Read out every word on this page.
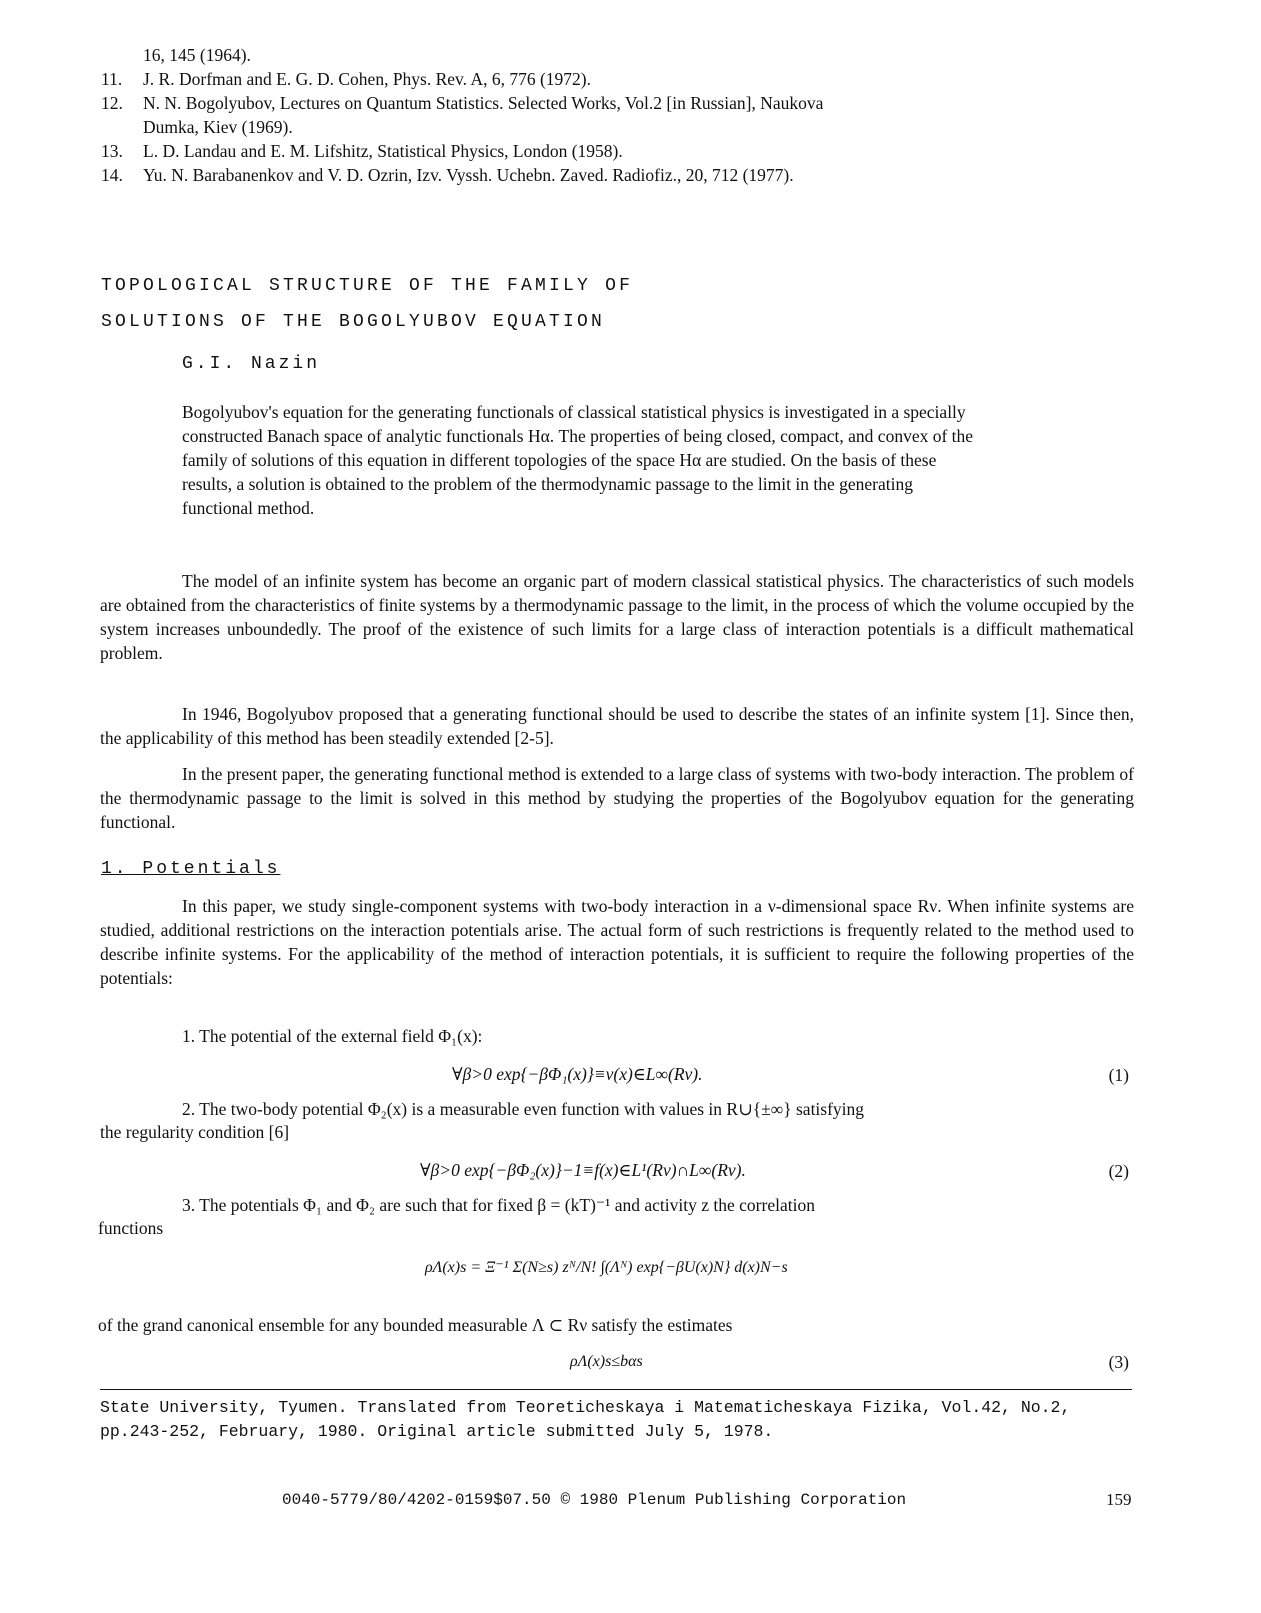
16, 145 (1964).
11. J. R. Dorfman and E. G. D. Cohen, Phys. Rev. A, 6, 776 (1972).
12. N. N. Bogolyubov, Lectures on Quantum Statistics. Selected Works, Vol.2 [in Russian], Naukova
Dumka, Kiev (1969).
13. L. D. Landau and E. M. Lifshitz, Statistical Physics, London (1958).
14. Yu. N. Barabanenkov and V. D. Ozrin, Izv. Vyssh. Uchebn. Zaved. Radiofiz., 20, 712 (1977).
TOPOLOGICAL STRUCTURE OF THE FAMILY OF
SOLUTIONS OF THE BOGOLYUBOV EQUATION
G.I. Nazin
Bogolyubov's equation for the generating functionals of classical statistical physics is investigated in a specially constructed Banach space of analytic functionals Hα. The properties of being closed, compact, and convex of the family of solutions of this equation in different topologies of the space Hα are studied. On the basis of these results, a solution is obtained to the problem of the thermodynamic passage to the limit in the generating functional method.
The model of an infinite system has become an organic part of modern classical statistical physics. The characteristics of such models are obtained from the characteristics of finite systems by a thermodynamic passage to the limit, in the process of which the volume occupied by the system increases unboundedly. The proof of the existence of such limits for a large class of interaction potentials is a difficult mathematical problem.
In 1946, Bogolyubov proposed that a generating functional should be used to describe the states of an infinite system [1]. Since then, the applicability of this method has been steadily extended [2-5].
In the present paper, the generating functional method is extended to a large class of systems with two-body interaction. The problem of the thermodynamic passage to the limit is solved in this method by studying the properties of the Bogolyubov equation for the generating functional.
1. Potentials
In this paper, we study single-component systems with two-body interaction in a ν-dimensional space Rν. When infinite systems are studied, additional restrictions on the interaction potentials arise. The actual form of such restrictions is frequently related to the method used to describe infinite systems. For the applicability of the method of interaction potentials, it is sufficient to require the following properties of the potentials:
1. The potential of the external field Φ₁(x):
∀β>0 exp{−βΦ₁(x)}≡v(x)∈L∞(Rν).	(1)
2. The two-body potential Φ₂(x) is a measurable even function with values in R∪{±∞} satisfying
the regularity condition [6]
∀β>0 exp{−βΦ₂(x)}−1≡f(x)∈L¹(Rν)∩L∞(Rν).	(2)
3. The potentials Φ₁ and Φ₂ are such that for fixed β = (kT)⁻¹ and activity z the correlation
functions
ρΛ(x)s = Ξ⁻¹ Σ(N≥s) zᴺ/N! ∫(Λᴺ) exp{−βU(x)N} d(x)N−s
of the grand canonical ensemble for any bounded measurable Λ ⊂ Rν satisfy the estimates
ρΛ(x)s≤bαs	(3)
State University, Tyumen. Translated from Teoreticheskaya i Matematicheskaya Fizika, Vol.42, No.2, pp.243-252, February, 1980. Original article submitted July 5, 1978.
0040-5779/80/4202-0159$07.50 © 1980 Plenum Publishing Corporation	159
